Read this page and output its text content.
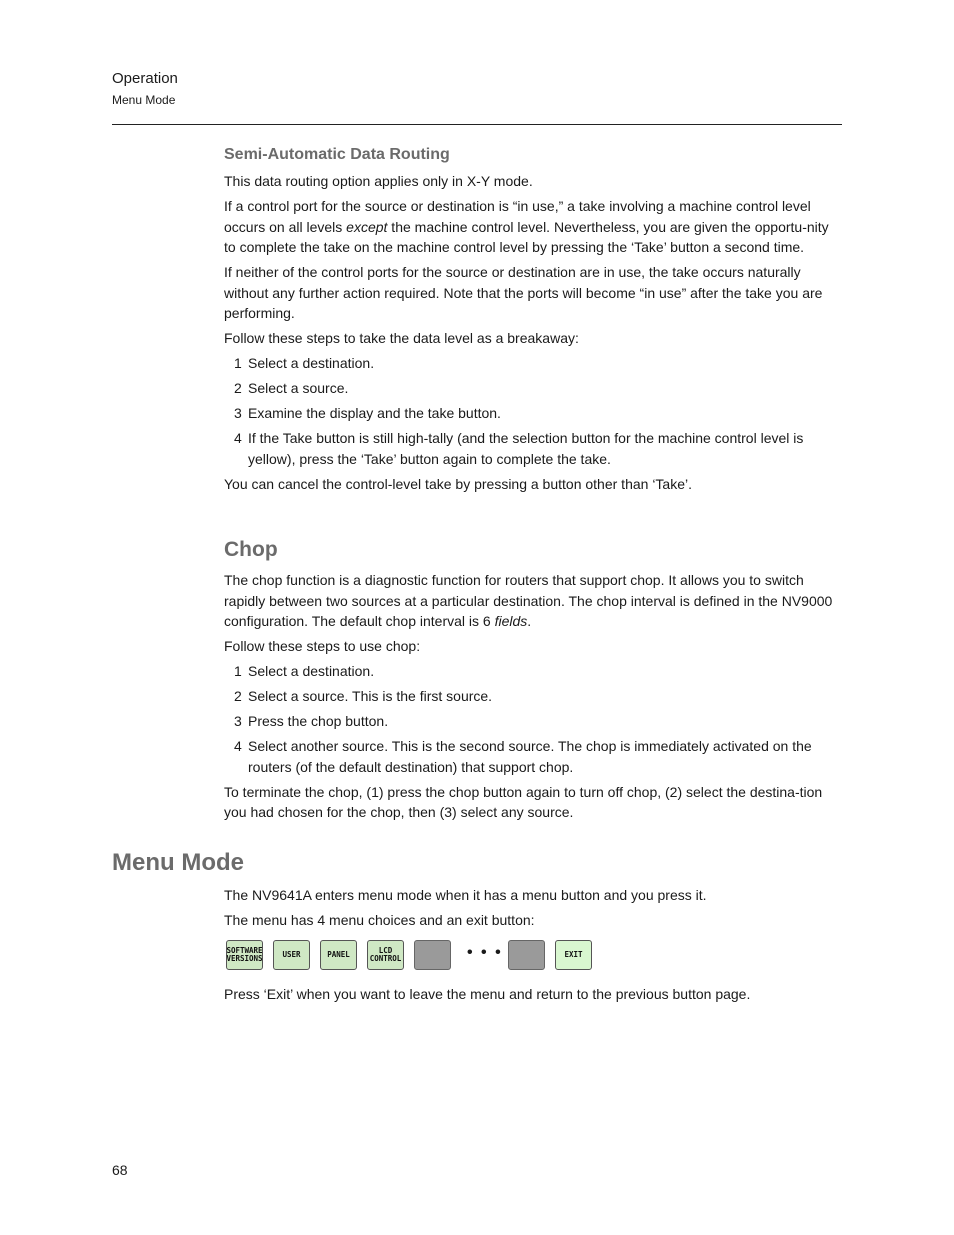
Operation
Menu Mode
Semi-Automatic Data Routing

This data routing option applies only in X-Y mode.

If a control port for the source or destination is “in use,” a take involving a machine control level occurs on all levels except the machine control level. Nevertheless, you are given the opportu-nity to complete the take on the machine control level by pressing the ‘Take’ button a second time.

If neither of the control ports for the source or destination are in use, the take occurs naturally without any further action required. Note that the ports will become “in use” after the take you are performing.

Follow these steps to take the data level as a breakaway:

1 Select a destination.
2 Select a source.
3 Examine the display and the take button.
4 If the Take button is still high-tally (and the selection button for the machine control level is yellow), press the ‘Take’ button again to complete the take.

You can cancel the control-level take by pressing a button other than ‘Take’.

Chop

The chop function is a diagnostic function for routers that support chop. It allows you to switch rapidly between two sources at a particular destination. The chop interval is defined in the NV9000 configuration. The default chop interval is 6 fields.

Follow these steps to use chop:

1 Select a destination.
2 Select a source. This is the first source.
3 Press the chop button.
4 Select another source. This is the second source. The chop is immediately activated on the routers (of the default destination) that support chop.

To terminate the chop, (1) press the chop button again to turn off chop, (2) select the destina-tion you had chosen for the chop, then (3) select any source.

Menu Mode

The NV9641A enters menu mode when it has a menu button and you press it.

The menu has 4 menu choices and an exit button:

SOFTWARE
VERSIONS	USER	PANEL	LCD
CONTROL	• • •	EXIT

Press ‘Exit’ when you want to leave the menu and return to the previous button page.

68
